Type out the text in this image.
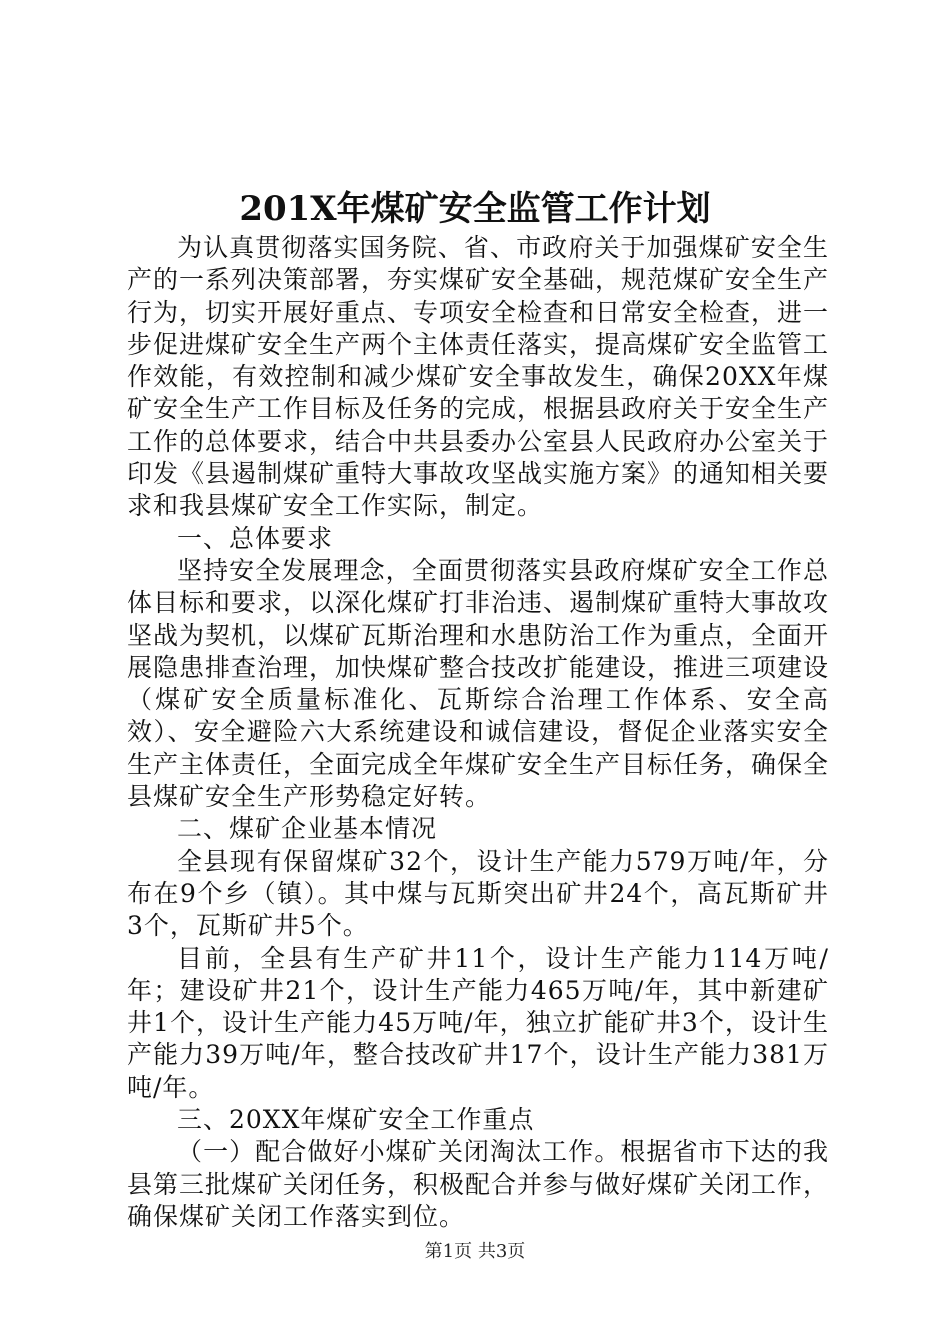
201X年煤矿安全监管工作计划

为认真贯彻落实国务院、省、市政府关于加强煤矿安全生产的一系列决策部署，夯实煤矿安全基础，规范煤矿安全生产行为，切实开展好重点、专项安全检查和日常安全检查，进一步促进煤矿安全生产两个主体责任落实，提高煤矿安全监管工作效能，有效控制和减少煤矿安全事故发生，确保20XX年煤矿安全生产工作目标及任务的完成，根据县政府关于安全生产工作的总体要求，结合中共县委办公室县人民政府办公室关于印发《县遏制煤矿重特大事故攻坚战实施方案》的通知相关要求和我县煤矿安全工作实际，制定。

一、总体要求

坚持安全发展理念，全面贯彻落实县政府煤矿安全工作总体目标和要求，以深化煤矿打非治违、遏制煤矿重特大事故攻坚战为契机，以煤矿瓦斯治理和水患防治工作为重点，全面开展隐患排查治理，加快煤矿整合技改扩能建设，推进三项建设（煤矿安全质量标准化、瓦斯综合治理工作体系、安全高效）、安全避险六大系统建设和诚信建设，督促企业落实安全生产主体责任，全面完成全年煤矿安全生产目标任务，确保全县煤矿安全生产形势稳定好转。

二、煤矿企业基本情况

全县现有保留煤矿32个，设计生产能力579万吨/年，分布在9个乡（镇）。其中煤与瓦斯突出矿井24个，高瓦斯矿井3个，瓦斯矿井5个。

目前，全县有生产矿井11个，设计生产能力114万吨/年；建设矿井21个，设计生产能力465万吨/年，其中新建矿井1个，设计生产能力45万吨/年，独立扩能矿井3个，设计生产能力39万吨/年，整合技改矿井17个，设计生产能力381万吨/年。

三、20XX年煤矿安全工作重点

（一）配合做好小煤矿关闭淘汰工作。根据省市下达的我县第三批煤矿关闭任务，积极配合并参与做好煤矿关闭工作，确保煤矿关闭工作落实到位。

第1页 共3页
